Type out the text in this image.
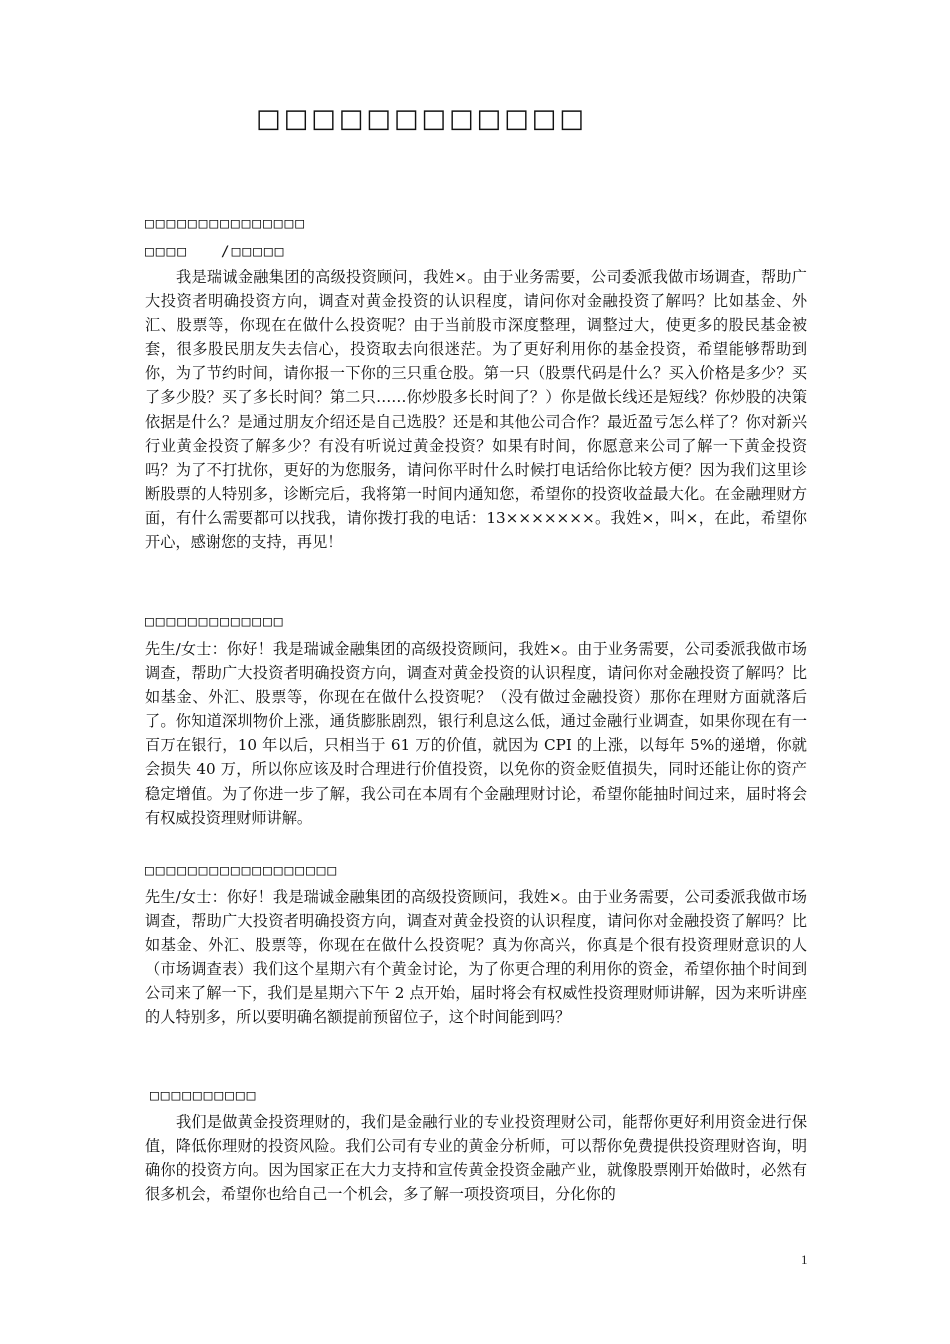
□□□□□□□□□□□□
□□□□□□□□□□□□□□□
□□□□　　/□□□□□
我是瑞诚金融集团的高级投资顾问，我姓×。由于业务需要，公司委派我做市场调查，帮助广大投资者明确投资方向，调查对黄金投资的认识程度，请问你对金融投资了解吗？比如基金、外汇、股票等，你现在在做什么投资呢？由于当前股市深度整理，调整过大，使更多的股民基金被套，很多股民朋友失去信心，投资取去向很迷茫。为了更好利用你的基金投资，希望能够帮助到你，为了节约时间，请你报一下你的三只重仓股。第一只（股票代码是什么？买入价格是多少？买了多少股？买了多长时间？第二只……你炒股多长时间了？）你是做长线还是短线？你炒股的决策依据是什么？是通过朋友介绍还是自己选股？还是和其他公司合作？最近盈亏怎么样了？你对新兴行业黄金投资了解多少？有没有听说过黄金投资？如果有时间，你愿意来公司了解一下黄金投资吗？为了不打扰你，更好的为您服务，请问你平时什么时候打电话给你比较方便？因为我们这里诊断股票的人特别多，诊断完后，我将第一时间内通知您，希望你的投资收益最大化。在金融理财方面，有什么需要都可以找我，请你拨打我的电话：13×××××××。我姓×，叫×，在此，希望你开心，感谢您的支持，再见！
□□□□□□□□□□□□□
先生/女士：你好！我是瑞诚金融集团的高级投资顾问，我姓×。由于业务需要，公司委派我做市场调查，帮助广大投资者明确投资方向，调查对黄金投资的认识程度，请问你对金融投资了解吗？比如基金、外汇、股票等，你现在在做什么投资呢？（没有做过金融投资）那你在理财方面就落后了。你知道深圳物价上涨，通货膨胀剧烈，银行利息这么低，通过金融行业调查，如果你现在有一百万在银行，10 年以后，只相当于 61 万的价值，就因为 CPI 的上涨，以每年 5%的递增，你就会损失 40 万，所以你应该及时合理进行价值投资，以免你的资金贬值损失，同时还能让你的资产稳定增值。为了你进一步了解，我公司在本周有个金融理财讨论，希望你能抽时间过来，届时将会有权威投资理财师讲解。
□□□□□□□□□□□□□□□□□□
先生/女士：你好！我是瑞诚金融集团的高级投资顾问，我姓×。由于业务需要，公司委派我做市场调查，帮助广大投资者明确投资方向，调查对黄金投资的认识程度，请问你对金融投资了解吗？比如基金、外汇、股票等，你现在在做什么投资呢？真为你高兴，你真是个很有投资理财意识的人（市场调查表）我们这个星期六有个黄金讨论，为了你更合理的利用你的资金，希望你抽个时间到公司来了解一下，我们是星期六下午 2 点开始，届时将会有权威性投资理财师讲解，因为来听讲座的人特别多，所以要明确名额提前预留位子，这个时间能到吗？
□□□□□□□□□□
我们是做黄金投资理财的，我们是金融行业的专业投资理财公司，能帮你更好利用资金进行保值，降低你理财的投资风险。我们公司有专业的黄金分析师，可以帮你免费提供投资理财咨询，明确你的投资方向。因为国家正在大力支持和宣传黄金投资金融产业，就像股票刚开始做时，必然有很多机会，希望你也给自己一个机会，多了解一项投资项目，分化你的
1
